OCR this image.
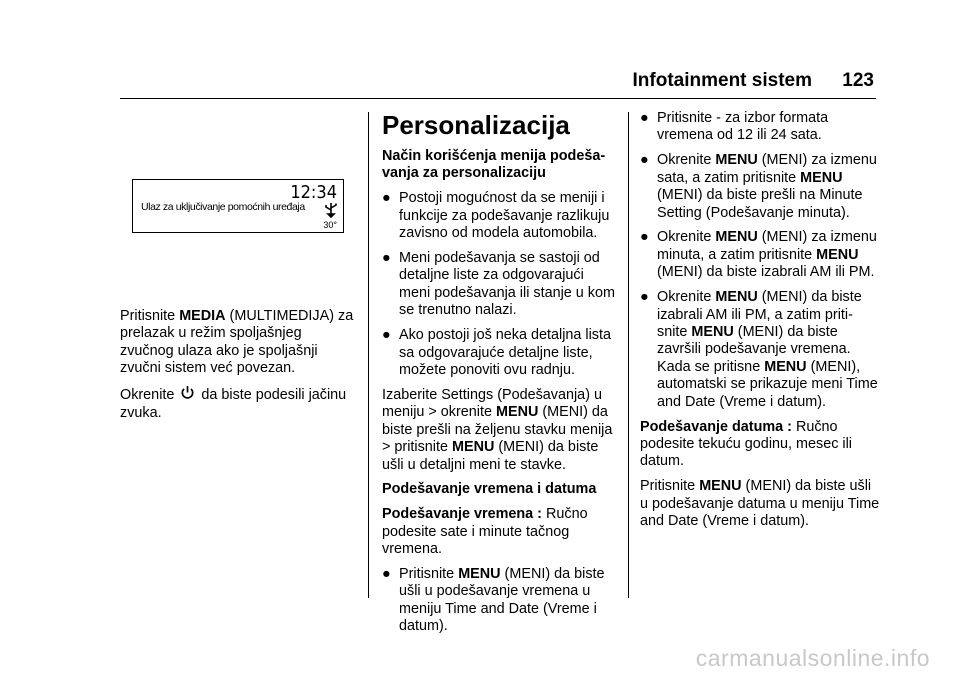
Infotainment sistem 123
12:34
Ulaz za uključivanje pomoćnih uređaja
30°

Pritisnite MEDIA (MULTIMEDIJA) za prelazak u režim spoljašnjeg zvučnog ulaza ako je spoljašnji zvučni sistem već povezan.

Okrenite  da biste podesili jačinu zvuka.

Personalizacija
Način korišćenja menija podeša-vanja za personalizaciju
● Postoji mogućnost da se meniji i funkcije za podešavanje razlikuju zavisno od modela automobila.
● Meni podešavanja se sastoji od detaljne liste za odgovarajući meni podešavanja ili stanje u kom se trenutno nalazi.
● Ako postoji još neka detaljna lista sa odgovarajuće detaljne liste, možete ponoviti ovu radnju.

Izaberite Settings (Podešavanja) u meniju > okrenite MENU (MENI) da biste prešli na željenu stavku menija > pritisnite MENU (MENI) da biste ušli u detaljni meni te stavke.

Podešavanje vremena i datuma

Podešavanje vremena : Ručno podesite sate i minute tačnog vremena.

● Pritisnite MENU (MENI) da biste ušli u podešavanje vremena u meniju Time and Date (Vreme i datum).
● Pritisnite - za izbor formata vremena od 12 ili 24 sata.
● Okrenite MENU (MENI) za izmenu sata, a zatim pritisnite MENU (MENI) da biste prešli na Minute Setting (Podešavanje minuta).
● Okrenite MENU (MENI) za izmenu minuta, a zatim pritisnite MENU (MENI) da biste izabrali AM ili PM.
● Okrenite MENU (MENI) da biste izabrali AM ili PM, a zatim priti-snite MENU (MENI) da biste završili podešavanje vremena. Kada se pritisne MENU (MENI), automatski se prikazuje meni Time and Date (Vreme i datum).

Podešavanje datuma : Ručno podesite tekuću godinu, mesec ili datum.

Pritisnite MENU (MENI) da biste ušli u podešavanje datuma u meniju Time and Date (Vreme i datum).

carmanualsonline.info
